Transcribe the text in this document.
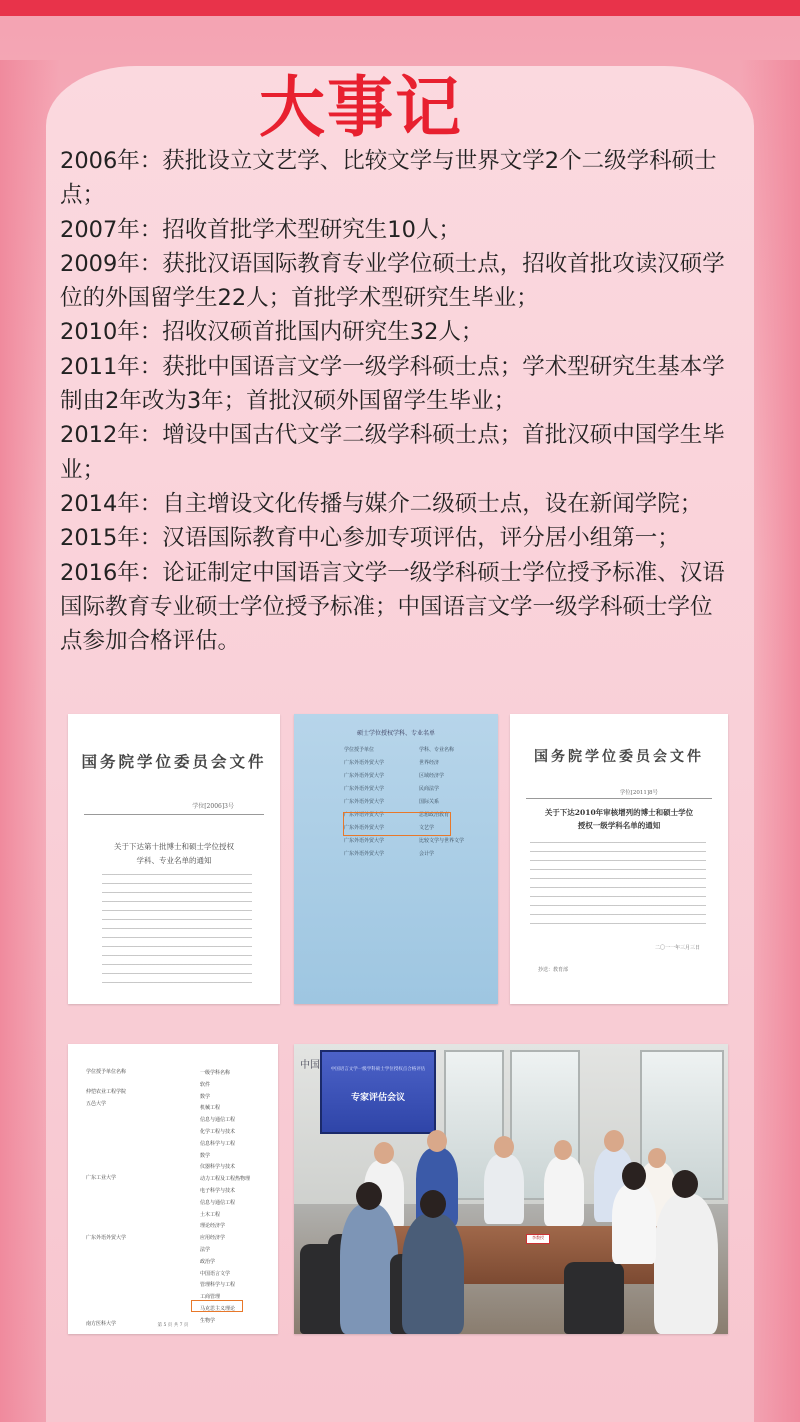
大事记
2006年：获批设立文艺学、比较文学与世界文学2个二级学科硕士点；
2007年：招收首批学术型研究生10人；
2009年：获批汉语国际教育专业学位硕士点，招收首批攻读汉硕学位的外国留学生22人；首批学术型研究生毕业；
2010年：招收汉硕首批国内研究生32人；
2011年：获批中国语言文学一级学科硕士点；学术型研究生基本学制由2年改为3年；首批汉硕外国留学生毕业；
2012年：增设中国古代文学二级学科硕士点；首批汉硕中国学生毕业；
2014年：自主增设文化传播与媒介二级硕士点，设在新闻学院；
2015年：汉语国际教育中心参加专项评估，评分居小组第一；
2016年：论证制定中国语言文学一级学科硕士学位授予标准、汉语国际教育专业硕士学位授予标准；中国语言文学一级学科硕士学位点参加合格评估。
国务院学位委员会文件
学位[2006]3号
关于下达第十批博士和硕士学位授权
学科、专业名单的通知
硕士学位授权学科、专业名单
学位授予单位
广东外语外贸大学
广东外语外贸大学
广东外语外贸大学
广东外语外贸大学
广东外语外贸大学
广东外语外贸大学
广东外语外贸大学
广东外语外贸大学
学科、专业名称
世界经济
区域经济学
民商法学
国际关系
思想政治教育
文艺学
比较文学与世界文学
会计学
国务院学位委员会文件
学位[2011]8号
关于下达2010年审核增列的博士和硕士学位
授权一级学科名单的通知
二〇一一年三月三日
抄送：教育部
学位授予单位名称
仲恺农业工程学院
五邑大学
广东工业大学
广东外语外贸大学
南方医科大学
一级学科名称
软件
数学
机械工程
信息与通信工程
化学工程与技术
信息科学与工程
数学
仪器科学与技术
动力工程及工程热物理
电子科学与技术
信息与通信工程
土木工程
理论经济学
应用经济学
法学
政治学
中国语言文学
管理科学与工程
工商管理
马克思主义理论
生物学
第 5 页 共 7 页
中国	中国语言文学一级学科硕士学位授权点合格评估
专家评估会议
李教授
